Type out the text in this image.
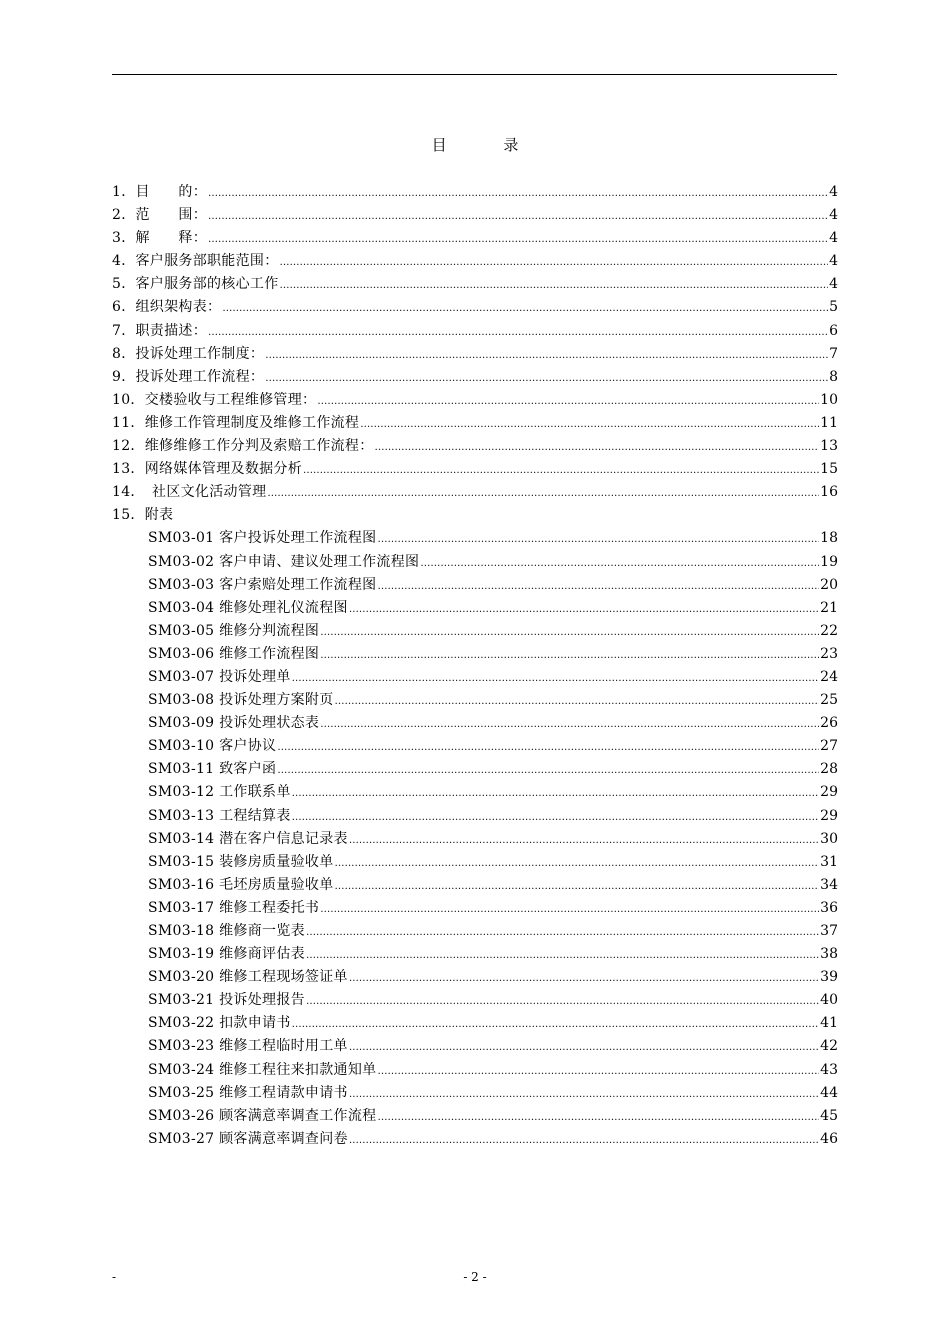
目 录
1．目　　的： …………………………………………………………………………………………………………………………………………………………………………………………………………………………………………………………	4
2．范　　围： …………………………………………………………………………………………………………………………………………………………………………………………………………………………………………………………	4
3．解　　释： …………………………………………………………………………………………………………………………………………………………………………………………………………………………………………………………	4
4．客户服务部职能范围： …………………………………………………………………………………………………………………………………………………………………………………………………………………………………………………………	4
5．客户服务部的核心工作 …………………………………………………………………………………………………………………………………………………………………………………………………………………………………………………………	4
6．组织架构表： …………………………………………………………………………………………………………………………………………………………………………………………………………………………………………………………	5
7．职责描述： …………………………………………………………………………………………………………………………………………………………………………………………………………………………………………………………	6
8．投诉处理工作制度： …………………………………………………………………………………………………………………………………………………………………………………………………………………………………………………………	7
9．投诉处理工作流程： …………………………………………………………………………………………………………………………………………………………………………………………………………………………………………………………	8
10．交楼验收与工程维修管理： …………………………………………………………………………………………………………………………………………………………………………………………………………………………………………………………	10
11．维修工作管理制度及维修工作流程 …………………………………………………………………………………………………………………………………………………………………………………………………………………………………………………………	11
12．维修维修工作分判及索赔工作流程： …………………………………………………………………………………………………………………………………………………………………………………………………………………………………………………………	13
13．网络媒体管理及数据分析 …………………………………………………………………………………………………………………………………………………………………………………………………………………………………………………………	15
14．　社区文化活动管理 …………………………………………………………………………………………………………………………………………………………………………………………………………………………………………………………	16
15．附表
SM03-01 客户投诉处理工作流程图 …………………………………………………………………………………………………………………………………………………………………………………………………………………………………………………………	18
SM03-02 客户申请、建议处理工作流程图 …………………………………………………………………………………………………………………………………………………………………………………………………………………………………………………………	19
SM03-03 客户索赔处理工作流程图 …………………………………………………………………………………………………………………………………………………………………………………………………………………………………………………………	20
SM03-04 维修处理礼仪流程图 …………………………………………………………………………………………………………………………………………………………………………………………………………………………………………………………	21
SM03-05 维修分判流程图 …………………………………………………………………………………………………………………………………………………………………………………………………………………………………………………………	22
SM03-06 维修工作流程图 …………………………………………………………………………………………………………………………………………………………………………………………………………………………………………………………	23
SM03-07 投诉处理单 …………………………………………………………………………………………………………………………………………………………………………………………………………………………………………………………	24
SM03-08 投诉处理方案附页 …………………………………………………………………………………………………………………………………………………………………………………………………………………………………………………………	25
SM03-09 投诉处理状态表 …………………………………………………………………………………………………………………………………………………………………………………………………………………………………………………………	26
SM03-10 客户协议 …………………………………………………………………………………………………………………………………………………………………………………………………………………………………………………………	27
SM03-11 致客户函 …………………………………………………………………………………………………………………………………………………………………………………………………………………………………………………………	28
SM03-12 工作联系单 …………………………………………………………………………………………………………………………………………………………………………………………………………………………………………………………	29
SM03-13 工程结算表 …………………………………………………………………………………………………………………………………………………………………………………………………………………………………………………………	29
SM03-14 潜在客户信息记录表 …………………………………………………………………………………………………………………………………………………………………………………………………………………………………………………………	30
SM03-15 装修房质量验收单 …………………………………………………………………………………………………………………………………………………………………………………………………………………………………………………………	31
SM03-16 毛坯房质量验收单 …………………………………………………………………………………………………………………………………………………………………………………………………………………………………………………………	34
SM03-17 维修工程委托书 …………………………………………………………………………………………………………………………………………………………………………………………………………………………………………………………	36
SM03-18 维修商一览表 …………………………………………………………………………………………………………………………………………………………………………………………………………………………………………………………	37
SM03-19 维修商评估表 …………………………………………………………………………………………………………………………………………………………………………………………………………………………………………………………	38
SM03-20 维修工程现场签证单 …………………………………………………………………………………………………………………………………………………………………………………………………………………………………………………………	39
SM03-21 投诉处理报告 …………………………………………………………………………………………………………………………………………………………………………………………………………………………………………………………	40
SM03-22 扣款申请书 …………………………………………………………………………………………………………………………………………………………………………………………………………………………………………………………	41
SM03-23 维修工程临时用工单 …………………………………………………………………………………………………………………………………………………………………………………………………………………………………………………………	42
SM03-24 维修工程往来扣款通知单 …………………………………………………………………………………………………………………………………………………………………………………………………………………………………………………………	43
SM03-25 维修工程请款申请书 …………………………………………………………………………………………………………………………………………………………………………………………………………………………………………………………	44
SM03-26 顾客满意率调查工作流程 …………………………………………………………………………………………………………………………………………………………………………………………………………………………………………………………	45
SM03-27 顾客满意率调查问卷 …………………………………………………………………………………………………………………………………………………………………………………………………………………………………………………………	46
-	- 2 -
